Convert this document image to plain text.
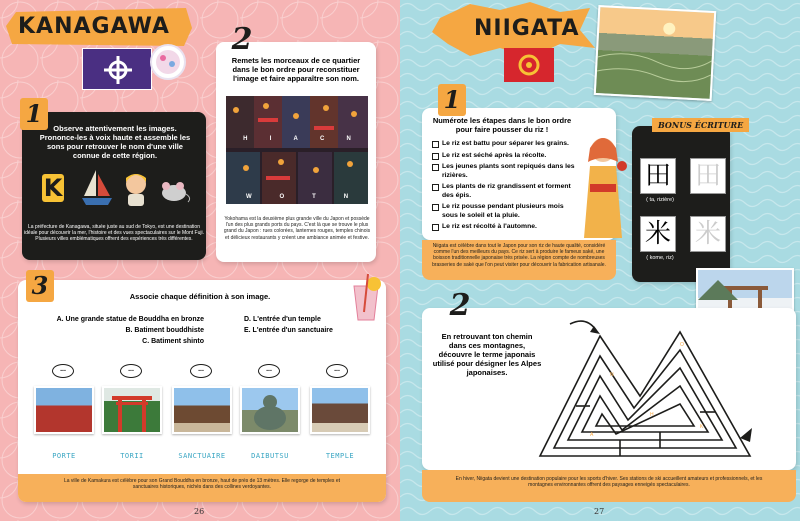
KANAGAWA
Observe attentivement les images. Prononce-les à voix haute et assemble les sons pour retrouver le nom d'une ville connue de cette région.
K
1
La préfecture de Kanagawa, située juste au sud de Tokyo, est une destination idéale pour découvrir la mer, l'histoire et des vues spectaculaires sur le Mont Fuji. Plusieurs villes emblématiques offrent des expériences très différentes.
Remets les morceaux de ce quartier dans le bon ordre pour reconstituer l'image et faire apparaître son nom.
2
H	I	A	C	N
W	O	T	N
Yokohama est la deuxième plus grande ville du Japon et possède l'un des plus grands ports du pays. C'est là que se trouve le plus grand du Japon : rues colorées, lanternes rouges, temples chinois et délicieux restaurants y créent une ambiance animée et festive.
3	Associe chaque définition à son image.
A. Une grande statue de Bouddha en bronze
B. Batiment bouddhiste
C. Batiment shinto
D. L'entrée d'un temple
E. L'entrée d'un sanctuaire
...	...	...	...	...
PORTE	TORII	SANCTUAIRE	DAIBUTSU	TEMPLE
La ville de Kamakura est célèbre pour son Grand Bouddha en bronze, haut de près de 13 mètres. Elle regorge de temples et sanctuaires historiques, nichés dans des collines verdoyantes.
26
NIIGATA
Numérote les étapes dans le bon ordre pour faire pousser du riz !
Le riz est battu pour séparer les grains.
Le riz est séché après la récolte.
Les jeunes plants sont repiqués dans les rizières.
Les plants de riz grandissent et forment des épis.
Le riz pousse pendant plusieurs mois sous le soleil et la pluie.
Le riz est récolté à l'automne.
1
Niigata est célèbre dans tout le Japon pour son riz de haute qualité, considéré comme l'un des meilleurs du pays. Ce riz sert à produire le fameux saké, une boisson traditionnelle japonaise très prisée. La région compte de nombreuses brasseries de saké que l'on peut visiter pour découvrir la fabrication artisanale.
BONUS ÉCRITURE
田 田
( ta, rizière)
米 米
( kome, riz)
2
En retrouvant ton chemin dans ces montagnes, découvre le terme japonais utilisé pour désigner les Alpes japonaises.	N
O
H
A
K
En hiver, Niigata devient une destination populaire pour les sports d'hiver. Ses stations de ski accueillent amateurs et professionnels, et les montagnes environnantes offrent des paysages enneigés spectaculaires.
27
